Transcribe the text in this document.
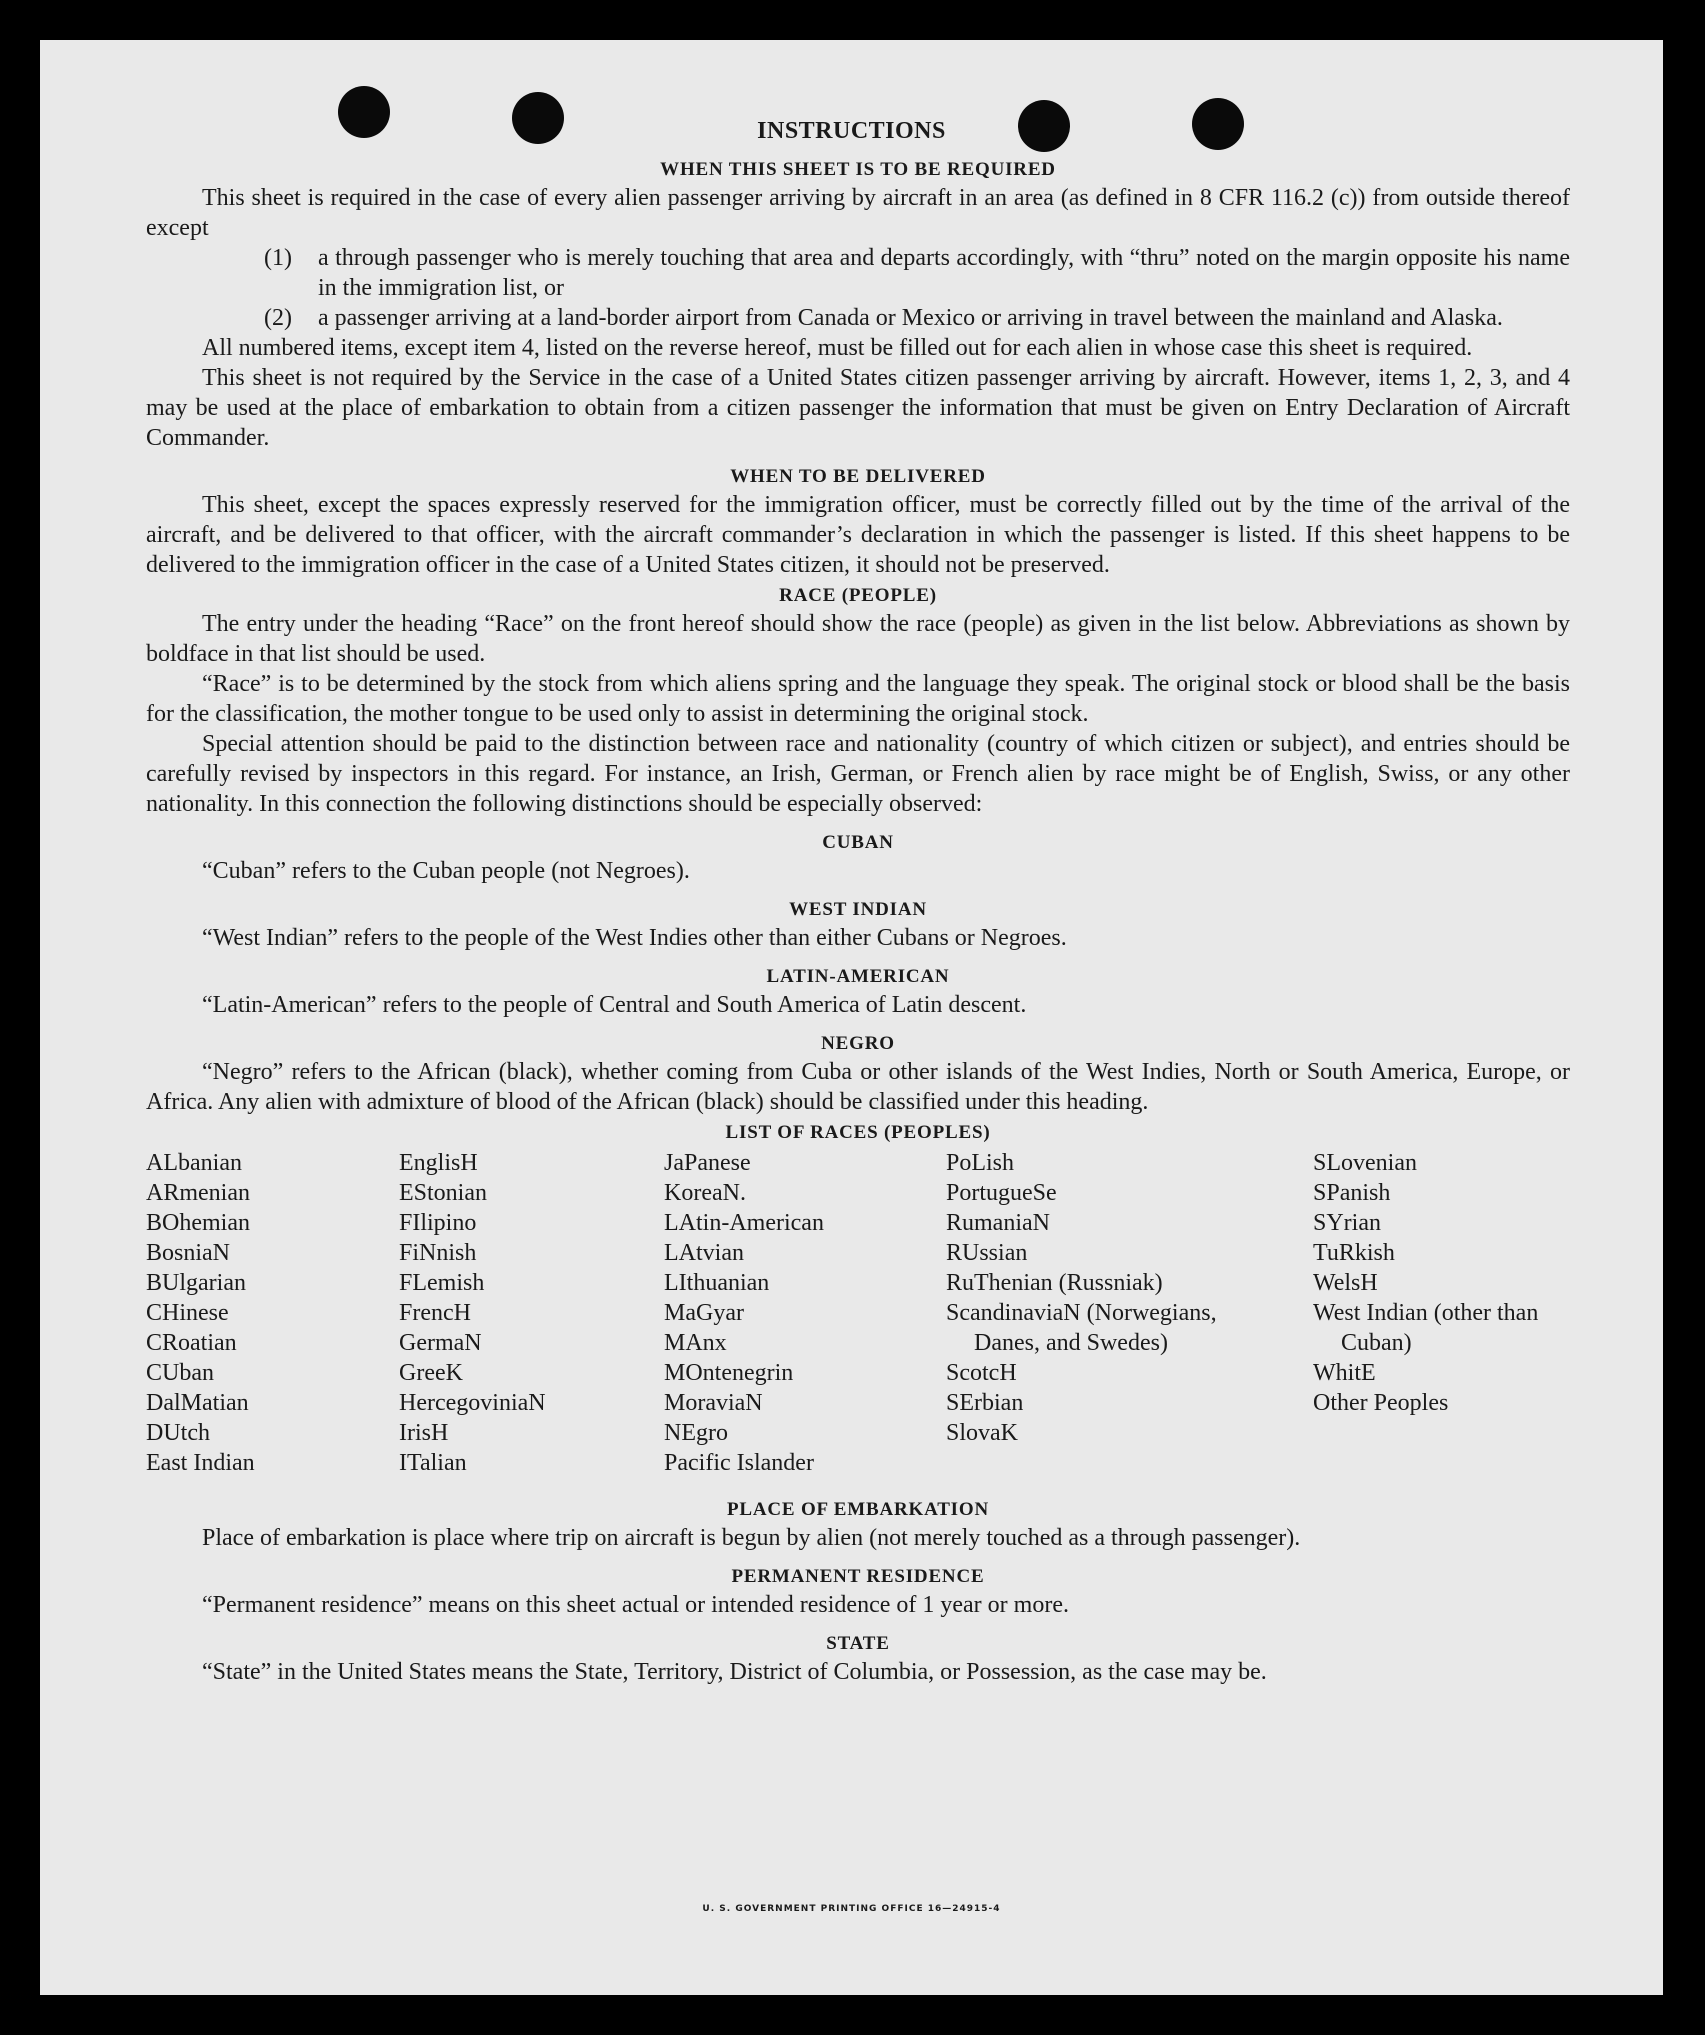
INSTRUCTIONS
WHEN THIS SHEET IS TO BE REQUIRED

This sheet is required in the case of every alien passenger arriving by aircraft in an area (as defined in 8 CFR 116.2 (c)) from outside thereof except

(1)	a through passenger who is merely touching that area and departs accordingly, with “thru” noted on the margin opposite his name in the immigration list, or
(2)	a passenger arriving at a land-border airport from Canada or Mexico or arriving in travel between the mainland and Alaska.

All numbered items, except item 4, listed on the reverse hereof, must be filled out for each alien in whose case this sheet is required.

This sheet is not required by the Service in the case of a United States citizen passenger arriving by aircraft. However, items 1, 2, 3, and 4 may be used at the place of embarkation to obtain from a citizen passenger the information that must be given on Entry Declaration of Aircraft Commander.

WHEN TO BE DELIVERED

This sheet, except the spaces expressly reserved for the immigration officer, must be correctly filled out by the time of the arrival of the aircraft, and be delivered to that officer, with the aircraft commander’s declaration in which the passenger is listed. If this sheet happens to be delivered to the immigration officer in the case of a United States citizen, it should not be preserved.

RACE (PEOPLE)

The entry under the heading “Race” on the front hereof should show the race (people) as given in the list below. Abbreviations as shown by boldface in that list should be used.

“Race” is to be determined by the stock from which aliens spring and the language they speak. The original stock or blood shall be the basis for the classification, the mother tongue to be used only to assist in determining the original stock.

Special attention should be paid to the distinction between race and nationality (country of which citizen or subject), and entries should be carefully revised by inspectors in this regard. For instance, an Irish, German, or French alien by race might be of English, Swiss, or any other nationality. In this connection the following distinctions should be especially observed:

CUBAN

“Cuban” refers to the Cuban people (not Negroes).

WEST INDIAN

“West Indian” refers to the people of the West Indies other than either Cubans or Negroes.

LATIN-AMERICAN

“Latin-American” refers to the people of Central and South America of Latin descent.

NEGRO

“Negro” refers to the African (black), whether coming from Cuba or other islands of the West Indies, North or South America, Europe, or Africa. Any alien with admixture of blood of the African (black) should be classified under this heading.

LIST OF RACES (PEOPLES)
ALbanian
ARmenian
BOhemian
BosniaN
BUlgarian
CHinese
CRoatian
CUban
DalMatian
DUtch
East Indian
EnglisH
EStonian
FIlipino
FiNnish
FLemish
FrencH
GermaN
GreeK
HercegoviniaN
IrisH
ITalian
JaPanese
KoreaN.
LAtin-American
LAtvian
LIthuanian
MaGyar
MAnx
MOntenegrin
MoraviaN
NEgro
Pacific Islander
PoLish
PortugueSe
RumaniaN
RUssian
RuThenian (Russniak)
ScandinaviaN (Norwegians, Danes, and Swedes)
ScotcH
SErbian
SlovaK
SLovenian
SPanish
SYrian
TuRkish
WelsH
West Indian (other than Cuban)
WhitE
Other Peoples
PLACE OF EMBARKATION

Place of embarkation is place where trip on aircraft is begun by alien (not merely touched as a through passenger).

PERMANENT RESIDENCE

“Permanent residence” means on this sheet actual or intended residence of 1 year or more.

STATE

“State” in the United States means the State, Territory, District of Columbia, or Possession, as the case may be.

U. S. GOVERNMENT PRINTING OFFICE 16—24915-4
